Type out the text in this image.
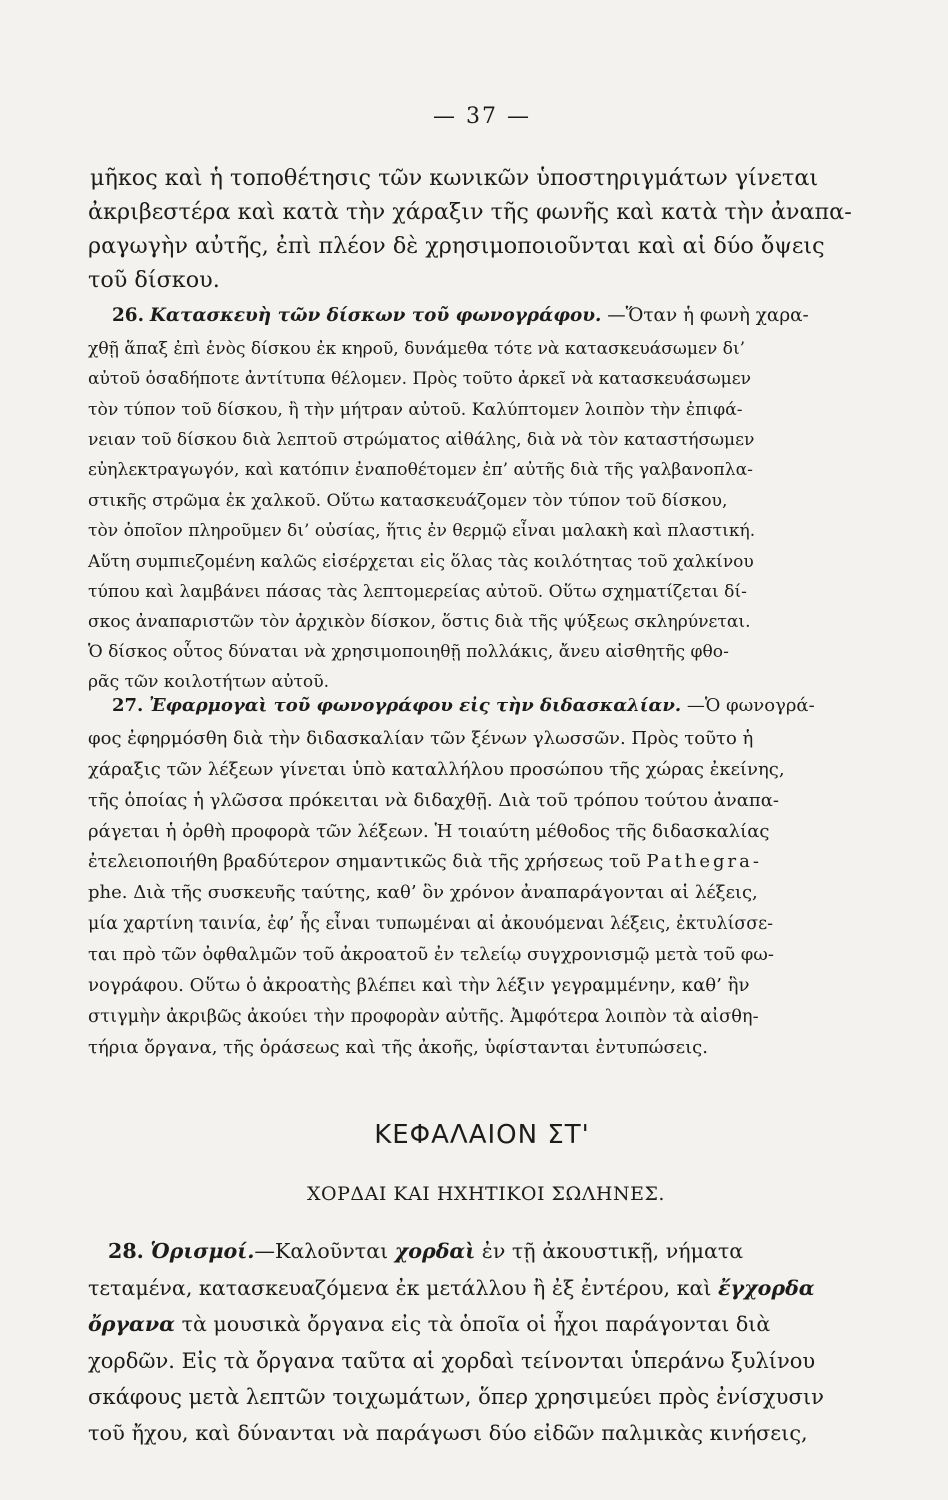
— 37 —
μῆκος καὶ ἡ τοποθέτησις τῶν κωνικῶν ὑποστηριγμάτων γίνεται
ἀκριβεστέρα καὶ κατὰ τὴν χάραξιν τῆς φωνῆς καὶ κατὰ τὴν ἀναπα-
ραγωγὴν αὐτῆς, ἐπὶ πλέον δὲ χρησιμοποιοῦνται καὶ αἱ δύο ὄψεις
τοῦ δίσκου.
26. Κατασκευὴ τῶν δίσκων τοῦ φωνογράφου. —Ὅταν ἡ φωνὴ χαρα-
χθῇ ἅπαξ ἐπὶ ἑνὸς δίσκου ἐκ κηροῦ, δυνάμεθα τότε νὰ κατασκευάσωμεν δι’
αὐτοῦ ὁσαδήποτε ἀντίτυπα θέλομεν. Πρὸς τοῦτο ἀρκεῖ νὰ κατασκευάσωμεν
τὸν τύπον τοῦ δίσκου, ἢ τὴν μήτραν αὐτοῦ. Καλύπτομεν λοιπὸν τὴν ἐπιφά-
νειαν τοῦ δίσκου διὰ λεπτοῦ στρώματος αἰθάλης, διὰ νὰ τὸν καταστήσωμεν
εὐηλεκτραγωγόν, καὶ κατόπιν ἐναποθέτομεν ἐπ’ αὐτῆς διὰ τῆς γαλβανοπλα-
στικῆς στρῶμα ἐκ χαλκοῦ. Οὕτω κατασκευάζομεν τὸν τύπον τοῦ δίσκου,
τὸν ὁποῖον πληροῦμεν δι’ οὐσίας, ἥτις ἐν θερμῷ εἶναι μαλακὴ καὶ πλαστική.
Αὕτη συμπιεζομένη καλῶς εἰσέρχεται εἰς ὅλας τὰς κοιλότητας τοῦ χαλκίνου
τύπου καὶ λαμβάνει πάσας τὰς λεπτομερείας αὐτοῦ. Οὕτω σχηματίζεται δί-
σκος ἀναπαριστῶν τὸν ἀρχικὸν δίσκον, ὅστις διὰ τῆς ψύξεως σκληρύνεται.
Ὁ δίσκος οὗτος δύναται νὰ χρησιμοποιηθῇ πολλάκις, ἄνευ αἰσθητῆς φθο-
ρᾶς τῶν κοιλοτήτων αὐτοῦ.
27. Ἐφαρμογαὶ τοῦ φωνογράφου εἰς τὴν διδασκαλίαν. —Ὁ φωνογρά-
φος ἐφηρμόσθη διὰ τὴν διδασκαλίαν τῶν ξένων γλωσσῶν. Πρὸς τοῦτο ἡ
χάραξις τῶν λέξεων γίνεται ὑπὸ καταλλήλου προσώπου τῆς χώρας ἐκείνης,
τῆς ὁποίας ἡ γλῶσσα πρόκειται νὰ διδαχθῇ. Διὰ τοῦ τρόπου τούτου ἀναπα-
ράγεται ἡ ὀρθὴ προφορὰ τῶν λέξεων. Ἡ τοιαύτη μέθοδος τῆς διδασκαλίας
ἐτελειοποιήθη βραδύτερον σημαντικῶς διὰ τῆς χρήσεως τοῦ Pathegra-
phe. Διὰ τῆς συσκευῆς ταύτης, καθ’ ὃν χρόνον ἀναπαράγονται αἱ λέξεις,
μία χαρτίνη ταινία, ἐφ’ ἧς εἶναι τυπωμέναι αἱ ἀκουόμεναι λέξεις, ἐκτυλίσσε-
ται πρὸ τῶν ὀφθαλμῶν τοῦ ἀκροατοῦ ἐν τελείῳ συγχρονισμῷ μετὰ τοῦ φω-
νογράφου. Οὕτω ὁ ἀκροατὴς βλέπει καὶ τὴν λέξιν γεγραμμένην, καθ’ ἣν
στιγμὴν ἀκριβῶς ἀκούει τὴν προφορὰν αὐτῆς. Ἀμφότερα λοιπὸν τὰ αἰσθη-
τήρια ὄργανα, τῆς ὁράσεως καὶ τῆς ἀκοῆς, ὑφίστανται ἐντυπώσεις.
ΚΕΦΑΛΑΙΟΝ ΣΤ'
ΧΟΡΔΑΙ ΚΑΙ ΗΧΗΤΙΚΟΙ ΣΩΛΗΝΕΣ.
28. Ὁρισμοί.—Καλοῦνται χορδαὶ ἐν τῇ ἀκουστικῇ, νήματα
τεταμένα, κατασκευαζόμενα ἐκ μετάλλου ἢ ἐξ ἐντέρου, καὶ ἔγχορδα
ὄργανα τὰ μουσικὰ ὄργανα εἰς τὰ ὁποῖα οἱ ἦχοι παράγονται διὰ
χορδῶν. Εἰς τὰ ὄργανα ταῦτα αἱ χορδαὶ τείνονται ὑπεράνω ξυλίνου
σκάφους μετὰ λεπτῶν τοιχωμάτων, ὅπερ χρησιμεύει πρὸς ἐνίσχυσιν
τοῦ ἤχου, καὶ δύνανται νὰ παράγωσι δύο εἰδῶν παλμικὰς κινήσεις,
